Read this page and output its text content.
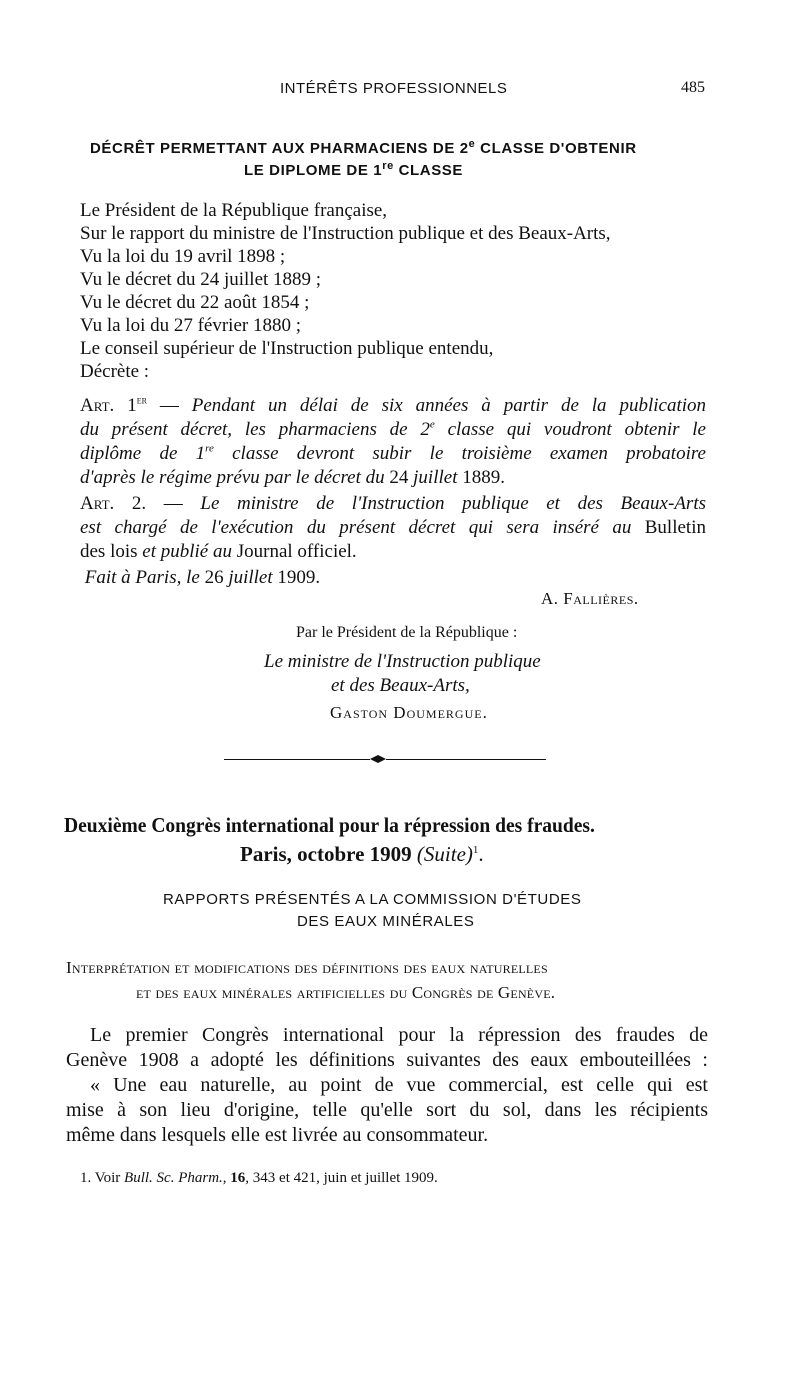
INTÉRÊTS PROFESSIONNELS	485
DÉCRÊT PERMETTANT AUX PHARMACIENS DE 2e CLASSE D'OBTENIR
LE DIPLOME DE 1re CLASSE
Le Président de la République française,
Sur le rapport du ministre de l'Instruction publique et des Beaux-Arts,
Vu la loi du 19 avril 1898 ;
Vu le décret du 24 juillet 1889 ;
Vu le décret du 22 août 1854 ;
Vu la loi du 27 février 1880 ;
Le conseil supérieur de l'Instruction publique entendu,
Décrète :
Art. 1er — Pendant un délai de six années à partir de la publication
du présent décret, les pharmaciens de 2e classe qui voudront obtenir le
diplôme de 1re classe devront subir le troisième examen probatoire
d'après le régime prévu par le décret du 24 juillet 1889.
Art. 2. — Le ministre de l'Instruction publique et des Beaux-Arts
est chargé de l'exécution du présent décret qui sera inséré au Bulletin
des lois et publié au Journal officiel.
Fait à Paris, le 26 juillet 1909.
A. Fallières.
Par le Président de la République :
Le ministre de l'Instruction publique
et des Beaux-Arts,
Gaston Doumergue.
Deuxième Congrès international pour la répression des fraudes.
Paris, octobre 1909 (Suite)$^1$.
RAPPORTS PRÉSENTÉS A LA COMMISSION D'ÉTUDES
DES EAUX MINÉRALES
Interprétation et modifications des définitions des eaux naturelles
et des eaux minérales artificielles du Congrès de Genève.
Le premier Congrès international pour la répression des fraudes de
Genève 1908 a adopté les définitions suivantes des eaux embouteillées :
« Une eau naturelle, au point de vue commercial, est celle qui est
mise à son lieu d'origine, telle qu'elle sort du sol, dans les récipients
même dans lesquels elle est livrée au consommateur.
1. Voir Bull. Sc. Pharm., 16, 343 et 421, juin et juillet 1909.
